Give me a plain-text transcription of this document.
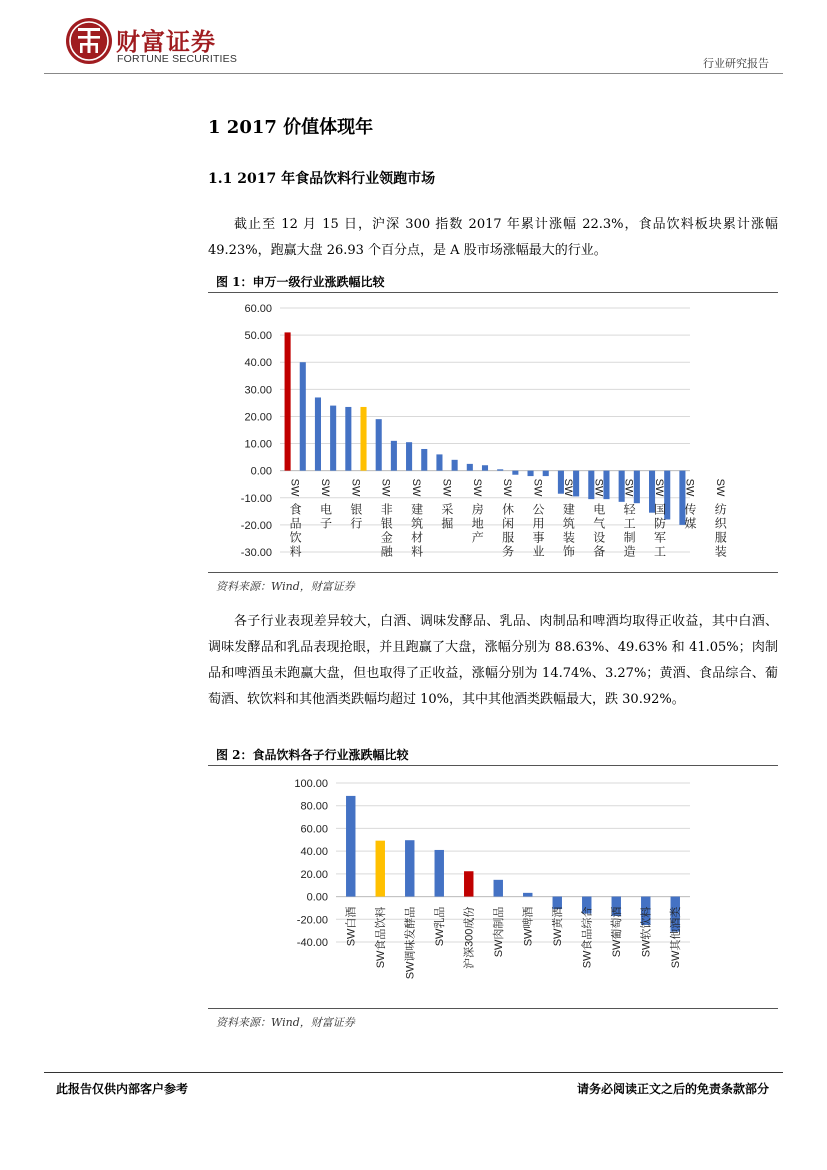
财富证券
FORTUNE SECURITIES	行业研究报告
1 2017 价值体现年
1.1 2017 年食品饮料行业领跑市场
截止至 12 月 15 日，沪深 300 指数 2017 年累计涨幅 22.3%，食品饮料板块累计涨幅 49.23%，跑赢大盘 26.93 个百分点，是 A 股市场涨幅最大的行业。
图 1：申万一级行业涨跌幅比较
60.00
50.00
40.00
30.00
20.00
10.00
0.00
-10.00
-20.00
-30.00
SW
食
品
饮
料
SW
电
子
SW
银
行
SW
非
银
金
融
SW
建
筑
材
料
SW
采
掘
SW
房
地
产
SW
休
闲
服
务
SW
公
用
事
业
SW
建
筑
装
饰
SW
电
气
设
备
SW
轻
工
制
造
SW
国
防
军
工
SW
传
媒
SW
纺
织
服
装
资料来源：Wind，财富证券
各子行业表现差异较大，白酒、调味发酵品、乳品、肉制品和啤酒均取得正收益，其中白酒、调味发酵品和乳品表现抢眼，并且跑赢了大盘，涨幅分别为 88.63%、49.63% 和 41.05%；肉制品和啤酒虽未跑赢大盘，但也取得了正收益，涨幅分别为 14.74%、3.27%；黄酒、食品综合、葡萄酒、软饮料和其他酒类跌幅均超过 10%，其中其他酒类跌幅最大，跌 30.92%。
图 2：食品饮料各子行业涨跌幅比较
100.00
80.00
60.00
40.00
20.00
0.00
-20.00
-40.00 SW白酒 SW食品饮料 SW调味发酵品 SW乳品 沪深300成份 SW肉制品 SW啤酒 SW黄酒 SW食品综合 SW葡萄酒 SW软饮料 SW其他酒类
资料来源：Wind，财富证券
此报告仅供内部客户参考	请务必阅读正文之后的免责条款部分
